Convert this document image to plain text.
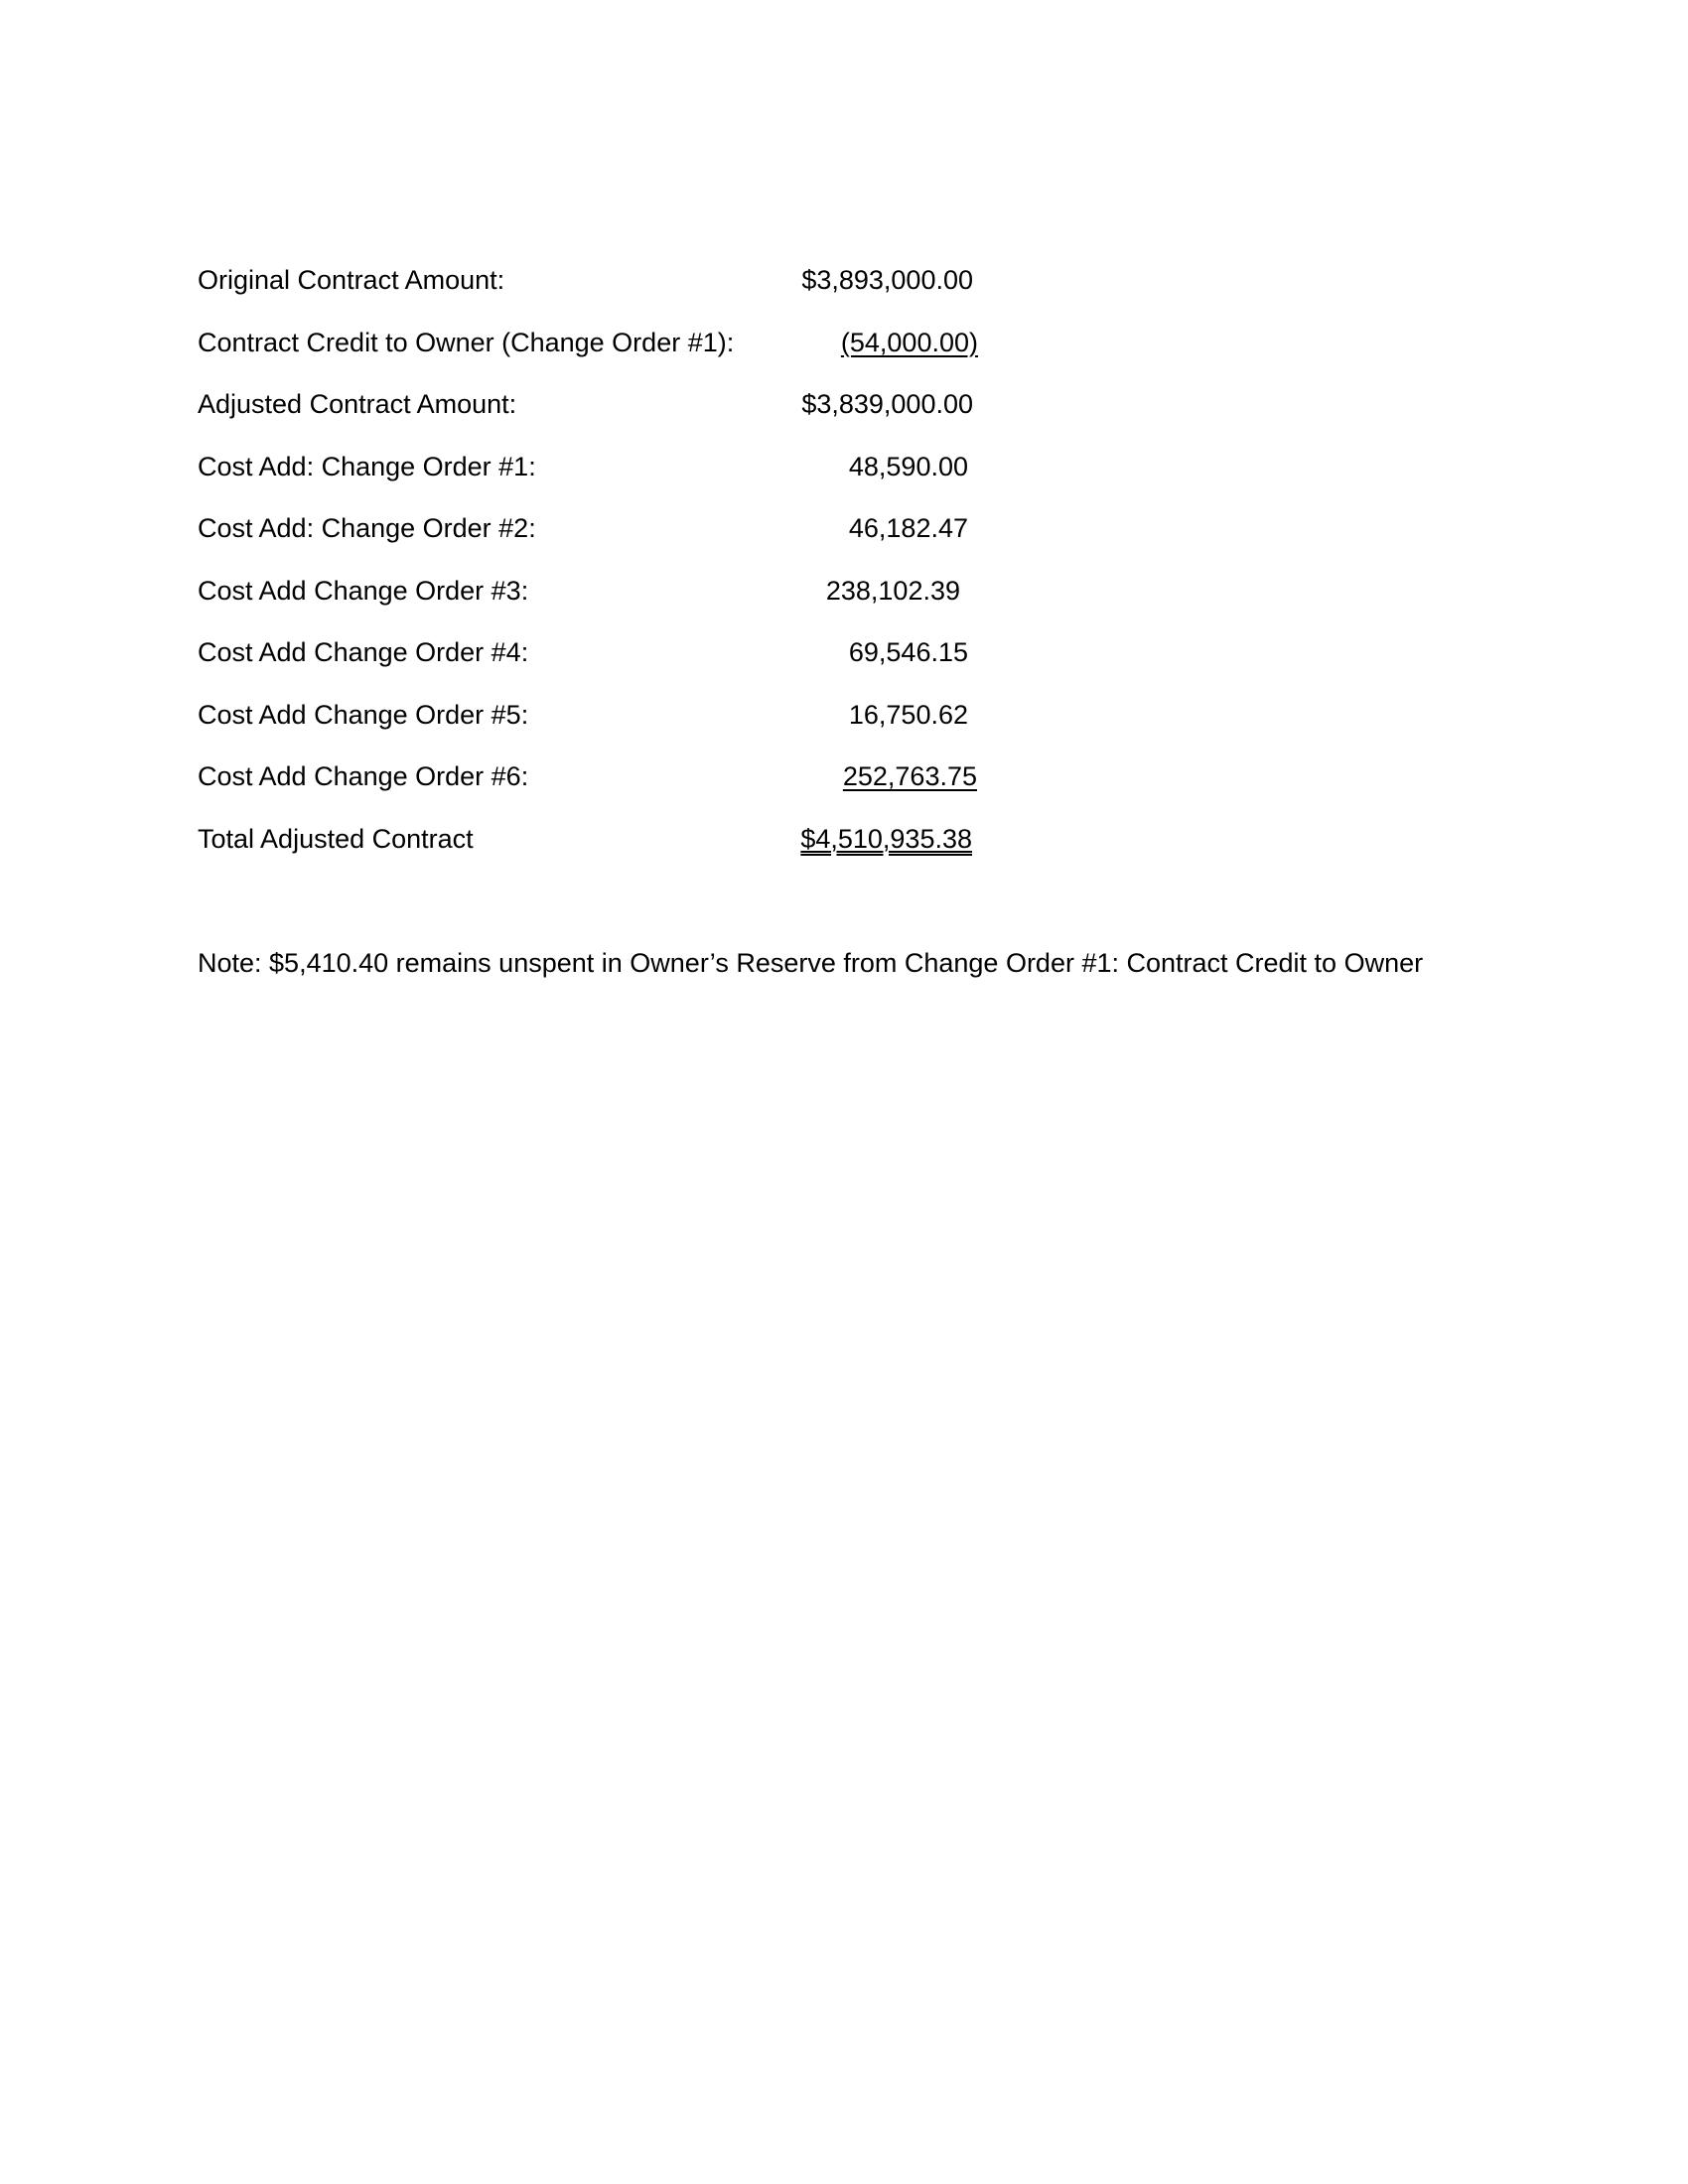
Original Contract Amount:	$3,893,000.00
Contract Credit to Owner (Change Order #1):	(54,000.00)
Adjusted Contract Amount:	$3,839,000.00
Cost Add: Change Order #1:	48,590.00
Cost Add: Change Order #2:	46,182.47
Cost Add Change Order #3:	238,102.39
Cost Add Change Order #4:	69,546.15
Cost Add Change Order #5:	16,750.62
Cost Add Change Order #6:	252,763.75
Total Adjusted Contract	$4,510,935.38
Note: $5,410.40 remains unspent in Owner’s Reserve from Change Order #1: Contract Credit to Owner
